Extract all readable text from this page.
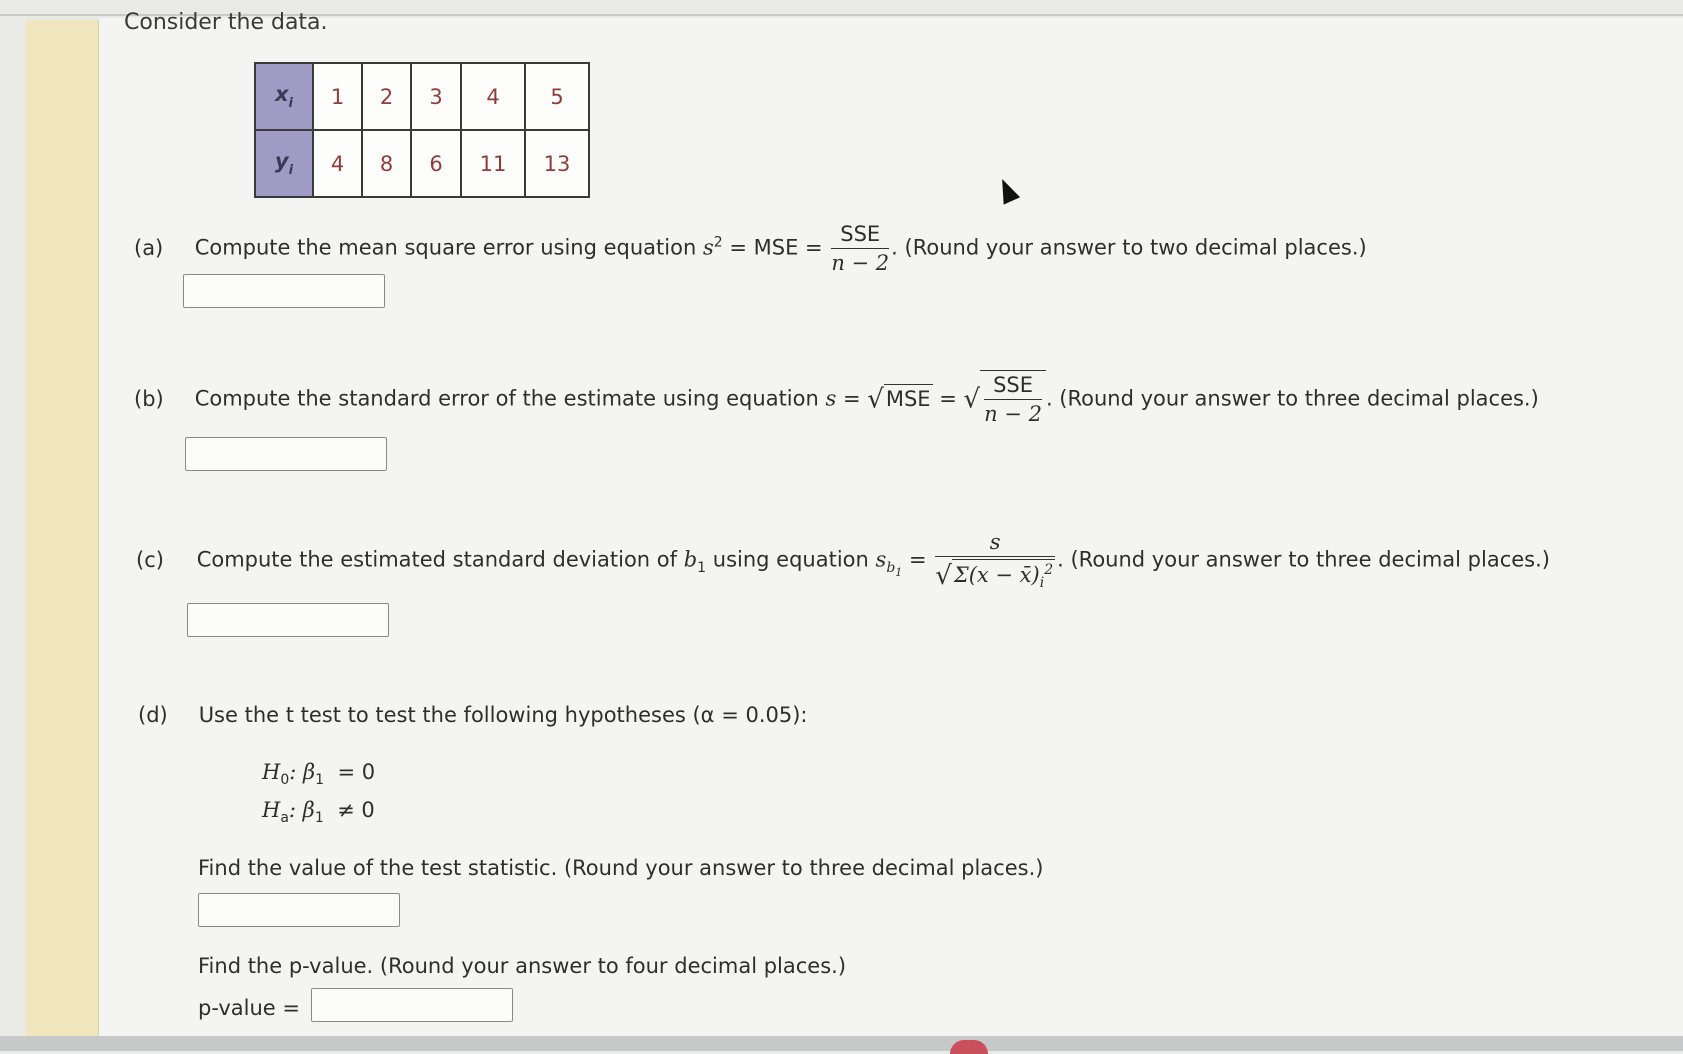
Consider the data.
$x_i$	1	2	3	4	5
$y_i$	4	8	6	11	13
(a) Compute the mean square error using equation $s^2$ = MSE = $\frac{\text{SSE}}{n - 2}$ . (Round your answer to two decimal places.)
(b) Compute the standard error of the estimate using equation s = √MSE = √ $\frac{\text{SSE}}{n - 2}$ . (Round your answer to three decimal places.)
(c) Compute the estimated standard deviation of $b_1$ using equation $s_{b_1} = \frac{s}{√\Sigma(x - x̄)_i^2}$ . (Round your answer to three decimal places.)
(d) Use the t test to test the following hypotheses (α = 0.05):
$H_0$: $\beta_1 = 0$
$H_a$: $\beta_1 \ne 0$
Find the value of the test statistic. (Round your answer to three decimal places.)
Find the p-value. (Round your answer to four decimal places.)
p-value =
